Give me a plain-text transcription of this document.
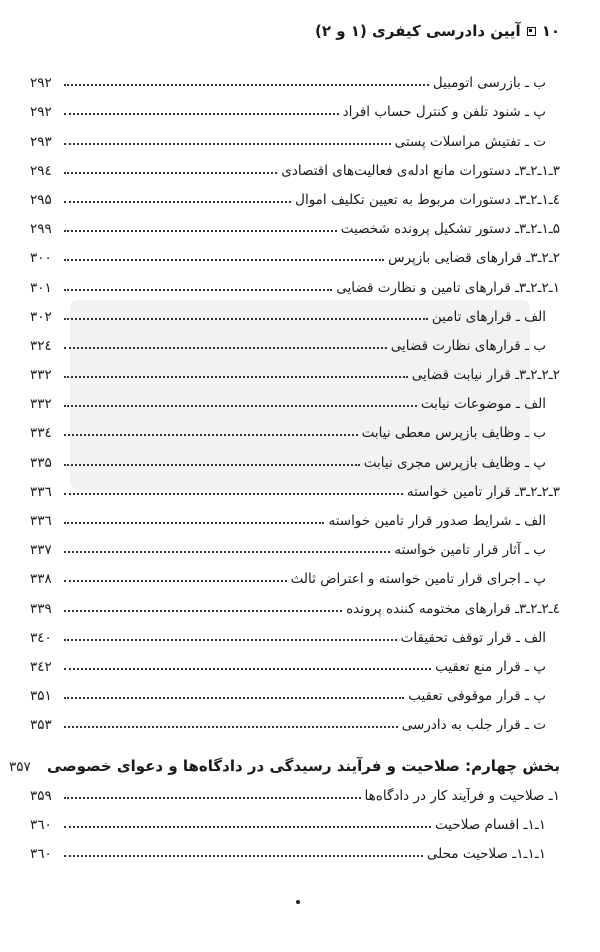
۱۰
آیین دادرسی کیفری (۱ و ۲)
ب ـ بازرسی اتومبیل
۲۹۲
پ ـ شنود تلفن و کنترل حساب افراد
۲۹۲
ت ـ تفتیش مراسلات پستی
۲۹۳
۳ـ۱ـ۲ـ۳ـ دستورات مانع ادله‌ی فعالیت‌های اقتصادی
۲۹٤
٤ـ۱ـ۲ـ۳ـ دستورات مربوط به تعیین تکلیف اموال
۲۹۵
۵ـ۱ـ۲ـ۳ـ دستور تشکیل پرونده شخصیت
۲۹۹
۲ـ۲ـ۳ـ قرارهای قضایی بازپرس
۳۰۰
۱ـ۲ـ۲ـ۳ـ قرارهای تامین و نظارت قضایی
۳۰۱
الف ـ قرارهای تامین
۳۰۲
ب ـ قرارهای نظارت قضایی
۳۲٤
۲ـ۲ـ۲ـ۳ـ قرار نیابت قضایی
۳۳۲
الف ـ موضوعات نیابت
۳۳۲
ب ـ وظایف بازپرس معطی نیابت
۳۳٤
پ ـ وظایف بازپرس مجری نیابت
۳۳۵
۳ـ۲ـ۲ـ۳ـ قرار تامین خواسته
۳۳٦
الف ـ شرایط صدور قرار تامین خواسته
۳۳٦
ب ـ آثار قرار تامین خواسته
۳۳۷
پ ـ اجرای قرار تامین خواسته و اعتراض ثالث
۳۳۸
٤ـ۲ـ۲ـ۳ـ قرارهای مختومه کننده پرونده
۳۳۹
الف ـ قرار توقف تحقیقات
۳٤۰
پ ـ قرار منع تعقیب
۳٤۲
پ ـ قرار موقوفی تعقیب
۳۵۱
ت ـ قرار جلب به دادرسی
۳۵۳
بخش چهارم: صلاحیت و فرآیند رسیدگی در دادگاه‌ها و دعوای خصوصی
۳۵۷
۱ـ صلاحیت و فرآیند کار در دادگاه‌ها
۳۵۹
۱ـ۱ـ اقسام صلاحیت
۳٦۰
۱ـ۱ـ۱ـ صلاحیت محلی
۳٦۰
